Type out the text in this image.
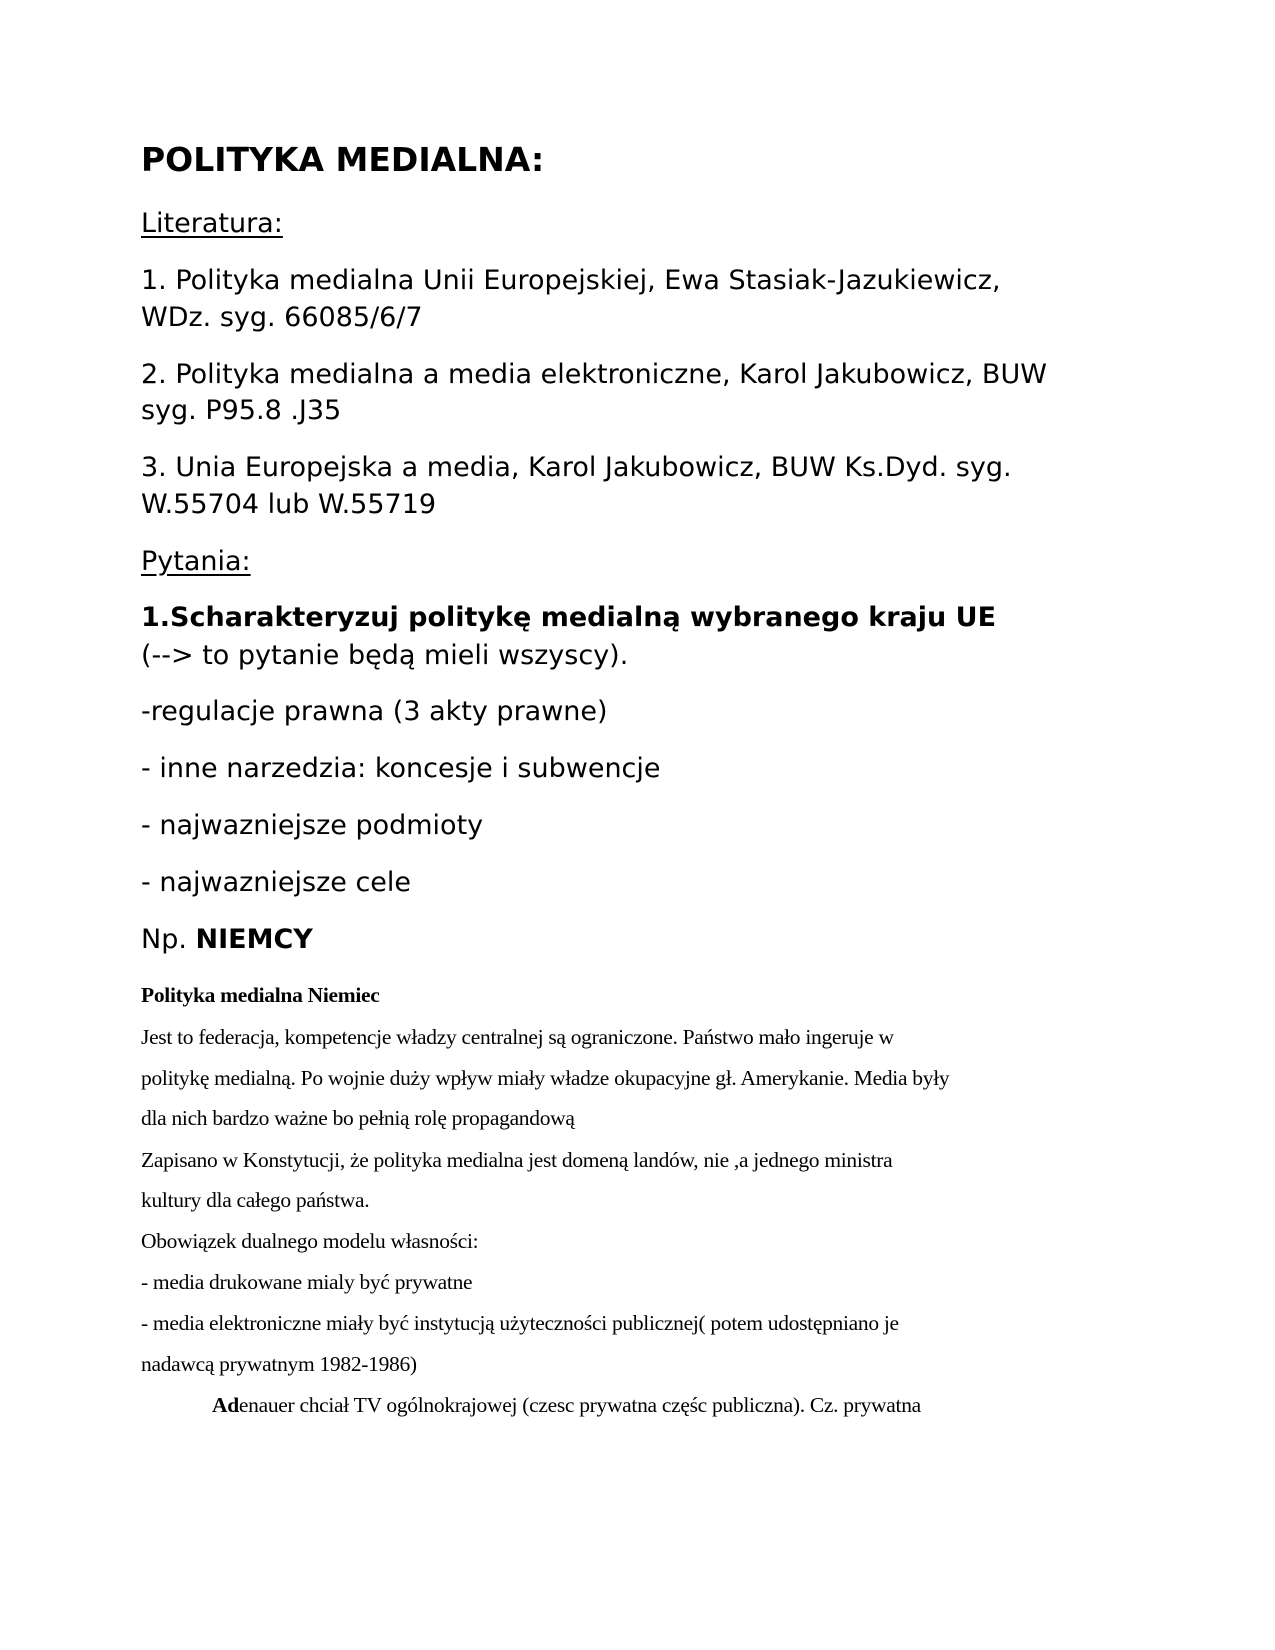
POLITYKA MEDIALNA:
Literatura:
1. Polityka medialna Unii Europejskiej, Ewa Stasiak-Jazukiewicz,
WDz. syg. 66085/6/7
2. Polityka medialna a media elektroniczne, Karol Jakubowicz, BUW
syg. P95.8 .J35
3. Unia Europejska a media, Karol Jakubowicz, BUW Ks.Dyd. syg.
W.55704 lub W.55719
Pytania:
1.Scharakteryzuj politykę medialną wybranego kraju UE
(--> to pytanie będą mieli wszyscy).
-regulacje prawna (3 akty prawne)
- inne narzedzia: koncesje i subwencje
- najwazniejsze podmioty
- najwazniejsze cele
Np. NIEMCY
Polityka medialna Niemiec
Jest to federacja, kompetencje władzy centralnej są ograniczone. Państwo mało ingeruje w
politykę medialną. Po wojnie duży wpływ miały władze okupacyjne gł. Amerykanie. Media były
dla nich bardzo ważne bo pełnią rolę propagandową
Zapisano w Konstytucji, że polityka medialna jest domeną landów, nie ,a jednego ministra
kultury dla całego państwa.
Obowiązek dualnego modelu własności:
- media drukowane mialy być prywatne
- media elektroniczne miały być instytucją użyteczności publicznej( potem udostępniano je
nadawcą prywatnym 1982-1986)
Adenauer chciał TV ogólnokrajowej (czesc prywatna częśc publiczna). Cz. prywatna
